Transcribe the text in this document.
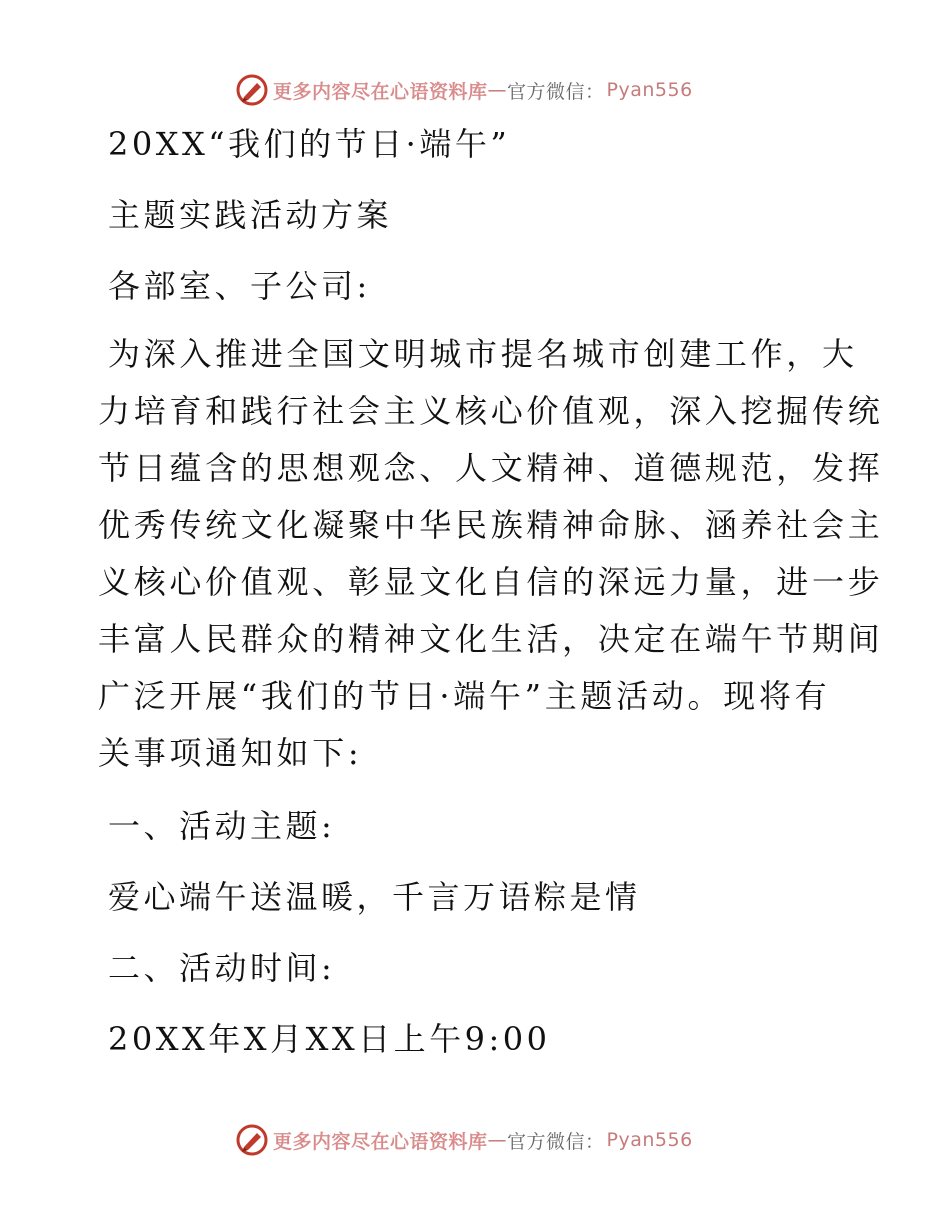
更多内容尽在心语资料库 — 官方微信： Pyan556
20XX“我们的节日·端午”
主题实践活动方案
各部室、子公司:
为深入推进全国文明城市提名城市创建工作，大
力培育和践行社会主义核心价值观，深入挖掘传统
节日蕴含的思想观念、人文精神、道德规范，发挥
优秀传统文化凝聚中华民族精神命脉、涵养社会主
义核心价值观、彰显文化自信的深远力量，进一步
丰富人民群众的精神文化生活，决定在端午节期间
广泛开展“我们的节日·端午”主题活动。现将有
关事项通知如下:
一、活动主题:
爱心端午送温暖，千言万语粽是情
二、活动时间:
20XX年X月XX日上午9:00
更多内容尽在心语资料库 — 官方微信： Pyan556
